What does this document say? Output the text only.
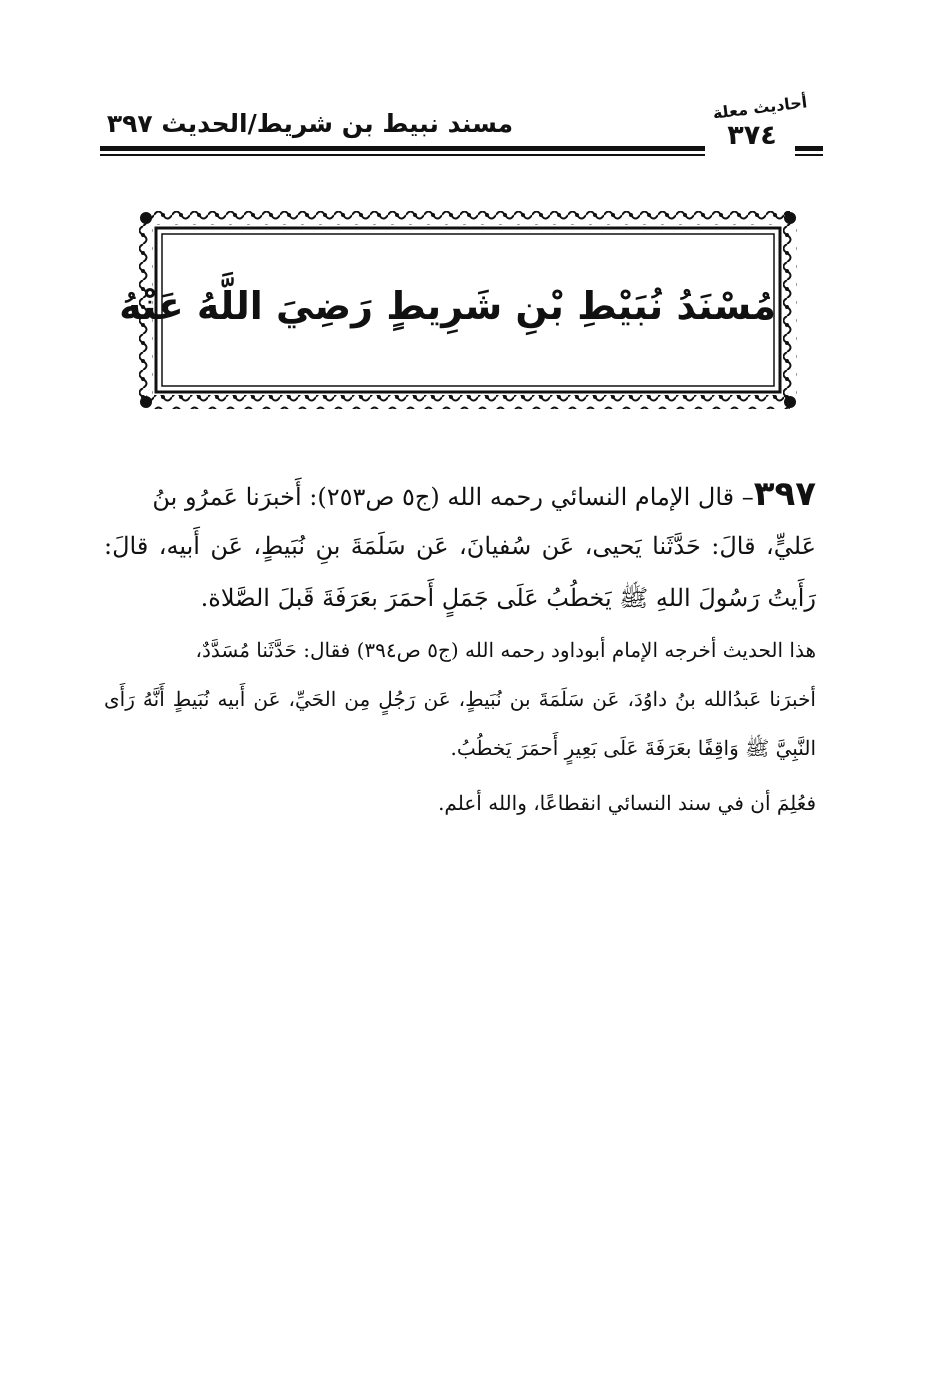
مسند نبيط بن شريط/الحديث ٣٩٧
أحاديث معلة
٣٧٤
مُسْنَدُ نُبَيْطِ بْنِ شَرِيطٍ رَضِيَ اللَّهُ عَنْهُ
٣٩٧– قال الإمام النسائي رحمه الله (ج٥ ص٢٥٣): أَخبرَنا عَمرُو بنُ
عَليٍّ، قالَ: حَدَّثَنا يَحيى، عَن سُفيانَ، عَن سَلَمَةَ بنِ نُبَيطٍ، عَن أَبيه، قالَ:
رَأَيتُ رَسُولَ اللهِ ﷺ يَخطُبُ عَلَى جَمَلٍ أَحمَرَ بعَرَفَةَ قَبلَ الصَّلاة.
هذا الحديث أخرجه الإمام أبوداود رحمه الله (ج٥ ص٣٩٤) فقال: حَدَّثَنا مُسَدَّدٌ،
أخبرَنا عَبدُالله بنُ داوُدَ، عَن سَلَمَةَ بن نُبَيطٍ، عَن رَجُلٍ مِن الحَيِّ، عَن أَبيه نُبَيطٍ أَنَّهُ رَأَى
النَّبِيَّ ﷺ وَاقِفًا بعَرَفَةَ عَلَى بَعِيرٍ أَحمَرَ يَخطُبُ.
فعُلِمَ أن في سند النسائي انقطاعًا، والله أعلم.
